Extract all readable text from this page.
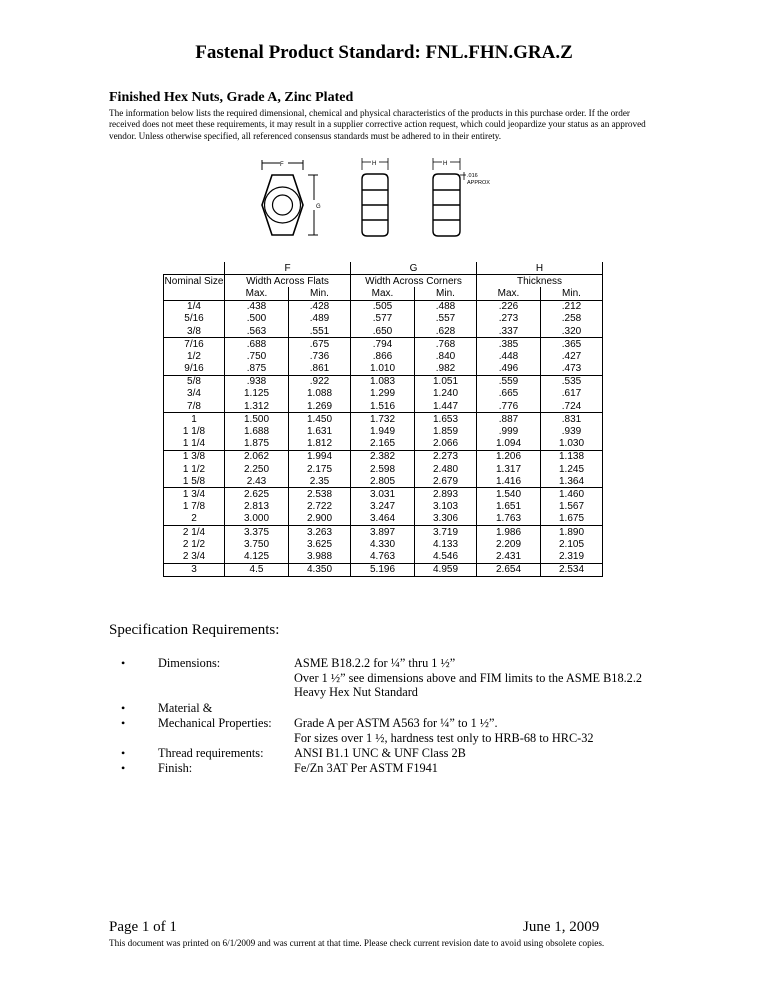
Fastenal Product Standard: FNL.FHN.GRA.Z
Finished Hex Nuts, Grade A, Zinc Plated
The information below lists the required dimensional, chemical and physical characteristics of the products in this purchase order. If the order received does not meet these requirements, it may result in a supplier corrective action request, which could jeopardize your status as an approved vendor. Unless otherwise specified, all referenced consensus standards must be adhered to in their entirety.
F
G
H	H
.016
APPROX
	F		G		H	
Nominal Size	Width Across Flats		Width Across Corners		Thickness	
	Max.	Min.	Max.	Min.	Max.	Min.
1/4	.438	.428	.505	.488	.226	.212
5/16	.500	.489	.577	.557	.273	.258
3/8	.563	.551	.650	.628	.337	.320
7/16	.688	.675	.794	.768	.385	.365
1/2	.750	.736	.866	.840	.448	.427
9/16	.875	.861	1.010	.982	.496	.473
5/8	.938	.922	1.083	1.051	.559	.535
3/4	1.125	1.088	1.299	1.240	.665	.617
7/8	1.312	1.269	1.516	1.447	.776	.724
1	1.500	1.450	1.732	1.653	.887	.831
1 1/8	1.688	1.631	1.949	1.859	.999	.939
1 1/4	1.875	1.812	2.165	2.066	1.094	1.030
1 3/8	2.062	1.994	2.382	2.273	1.206	1.138
1 1/2	2.250	2.175	2.598	2.480	1.317	1.245
1 5/8	2.43	2.35	2.805	2.679	1.416	1.364
1 3/4	2.625	2.538	3.031	2.893	1.540	1.460
1 7/8	2.813	2.722	3.247	3.103	1.651	1.567
2	3.000	2.900	3.464	3.306	1.763	1.675
2 1/4	3.375	3.263	3.897	3.719	1.986	1.890
2 1/2	3.750	3.625	4.330	4.133	2.209	2.105
2 3/4	4.125	3.988	4.763	4.546	2.431	2.319
3	4.5	4.350	5.196	4.959	2.654	2.534
Specification Requirements:
•	Dimensions:	ASME B18.2.2 for ¼” thru 1 ½”
Over 1 ½” see dimensions above and FIM limits to the ASME B18.2.2
Heavy Hex Nut Standard
•	Material &
•	Mechanical Properties: Grade A per ASTM A563 for ¼” to 1 ½”.
For sizes over 1 ½, hardness test only to HRB-68 to HRC-32
•	Thread requirements: ANSI B1.1 UNC & UNF Class 2B
•	Finish:	Fe/Zn 3AT Per ASTM F1941
Page 1 of 1	June 1, 2009
This document was printed on 6/1/2009 and was current at that time. Please check current revision date to avoid using obsolete copies.
